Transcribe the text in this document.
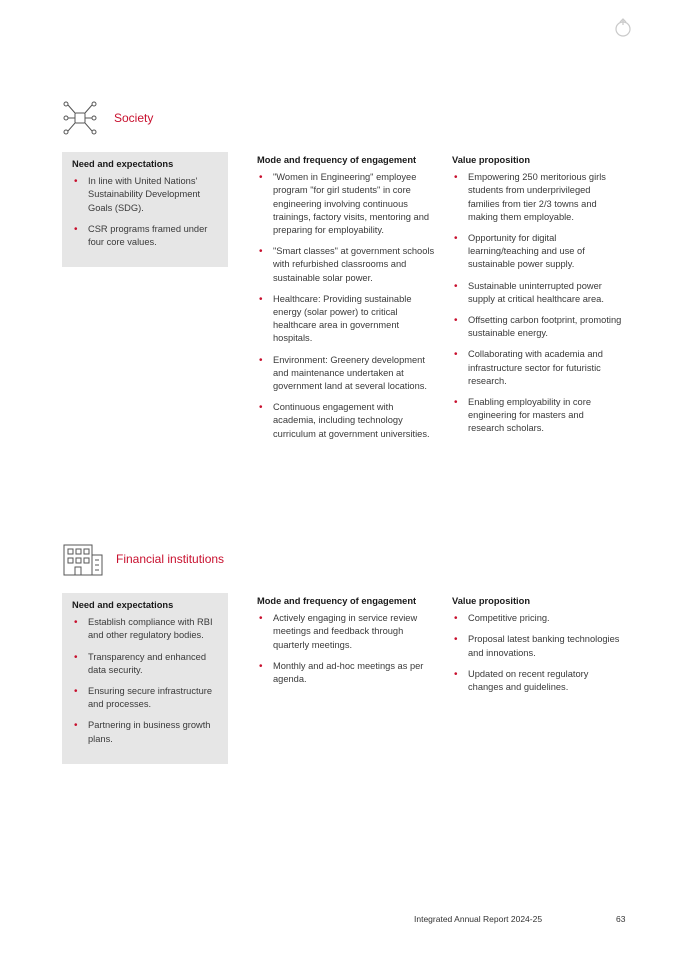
Society
Need and expectations
• In line with United Nations' Sustainability Development Goals (SDG).
• CSR programs framed under four core values.
Mode and frequency of engagement
• "Women in Engineering" employee program "for girl students" in core engineering involving continuous trainings, factory visits, mentoring and preparing for employability.
• "Smart classes" at government schools with refurbished classrooms and sustainable solar power.
• Healthcare: Providing sustainable energy (solar power) to critical healthcare area in government hospitals.
• Environment: Greenery development and maintenance undertaken at government land at several locations.
• Continuous engagement with academia, including technology curriculum at government universities.
Value proposition
• Empowering 250 meritorious girls students from underprivileged families from tier 2/3 towns and making them employable.
• Opportunity for digital learning/teaching and use of sustainable power supply.
• Sustainable uninterrupted power supply at critical healthcare area.
• Offsetting carbon footprint, promoting sustainable energy.
• Collaborating with academia and infrastructure sector for futuristic research.
• Enabling employability in core engineering for masters and research scholars.
Financial institutions
Need and expectations
• Establish compliance with RBI and other regulatory bodies.
• Transparency and enhanced data security.
• Ensuring secure infrastructure and processes.
• Partnering in business growth plans.
Mode and frequency of engagement
• Actively engaging in service review meetings and feedback through quarterly meetings.
• Monthly and ad-hoc meetings as per agenda.
Value proposition
• Competitive pricing.
• Proposal latest banking technologies and innovations.
• Updated on recent regulatory changes and guidelines.
Integrated Annual Report 2024-25	63
